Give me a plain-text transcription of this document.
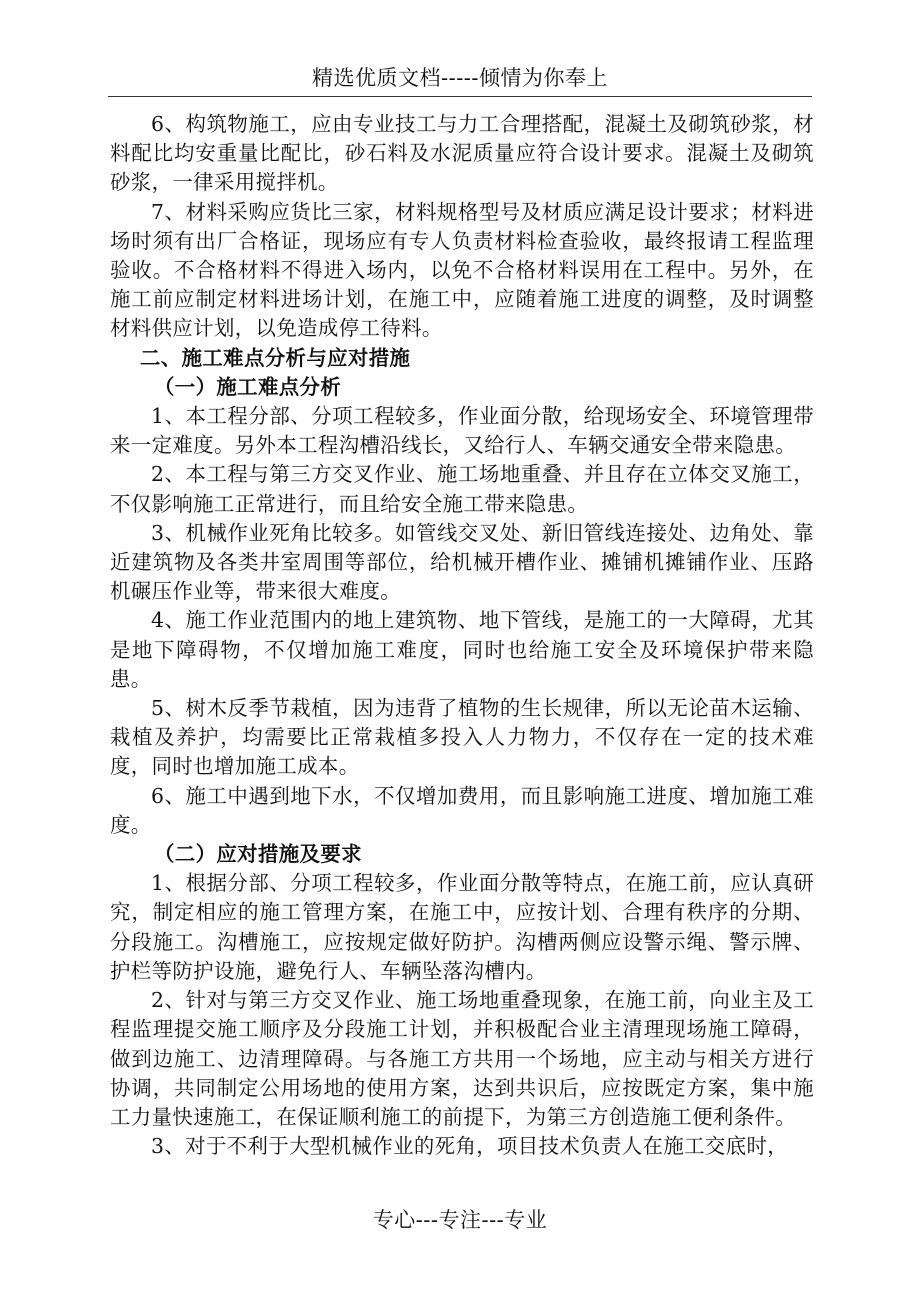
精选优质文档-----倾情为你奉上

6、构筑物施工，应由专业技工与力工合理搭配，混凝土及砌筑砂浆，材料配比均安重量比配比，砂石料及水泥质量应符合设计要求。混凝土及砌筑砂浆，一律采用搅拌机。

7、材料采购应货比三家，材料规格型号及材质应满足设计要求；材料进场时须有出厂合格证，现场应有专人负责材料检查验收，最终报请工程监理验收。不合格材料不得进入场内，以免不合格材料误用在工程中。另外，在施工前应制定材料进场计划，在施工中，应随着施工进度的调整，及时调整材料供应计划，以免造成停工待料。

二、施工难点分析与应对措施

（一）施工难点分析

1、本工程分部、分项工程较多，作业面分散，给现场安全、环境管理带来一定难度。另外本工程沟槽沿线长，又给行人、车辆交通安全带来隐患。

2、本工程与第三方交叉作业、施工场地重叠、并且存在立体交叉施工，不仅影响施工正常进行，而且给安全施工带来隐患。

3、机械作业死角比较多。如管线交叉处、新旧管线连接处、边角处、靠近建筑物及各类井室周围等部位，给机械开槽作业、摊铺机摊铺作业、压路机碾压作业等，带来很大难度。

4、施工作业范围内的地上建筑物、地下管线，是施工的一大障碍，尤其是地下障碍物，不仅增加施工难度，同时也给施工安全及环境保护带来隐患。

5、树木反季节栽植，因为违背了植物的生长规律，所以无论苗木运输、栽植及养护，均需要比正常栽植多投入人力物力，不仅存在一定的技术难度，同时也增加施工成本。

6、施工中遇到地下水，不仅增加费用，而且影响施工进度、增加施工难度。

（二）应对措施及要求

1、根据分部、分项工程较多，作业面分散等特点，在施工前，应认真研究，制定相应的施工管理方案，在施工中，应按计划、合理有秩序的分期、分段施工。沟槽施工，应按规定做好防护。沟槽两侧应设警示绳、警示牌、护栏等防护设施，避免行人、车辆坠落沟槽内。

2、针对与第三方交叉作业、施工场地重叠现象，在施工前，向业主及工程监理提交施工顺序及分段施工计划，并积极配合业主清理现场施工障碍，做到边施工、边清理障碍。与各施工方共用一个场地，应主动与相关方进行协调，共同制定公用场地的使用方案，达到共识后，应按既定方案，集中施工力量快速施工，在保证顺利施工的前提下，为第三方创造施工便利条件。

3、对于不利于大型机械作业的死角，项目技术负责人在施工交底时，

专心---专注---专业
